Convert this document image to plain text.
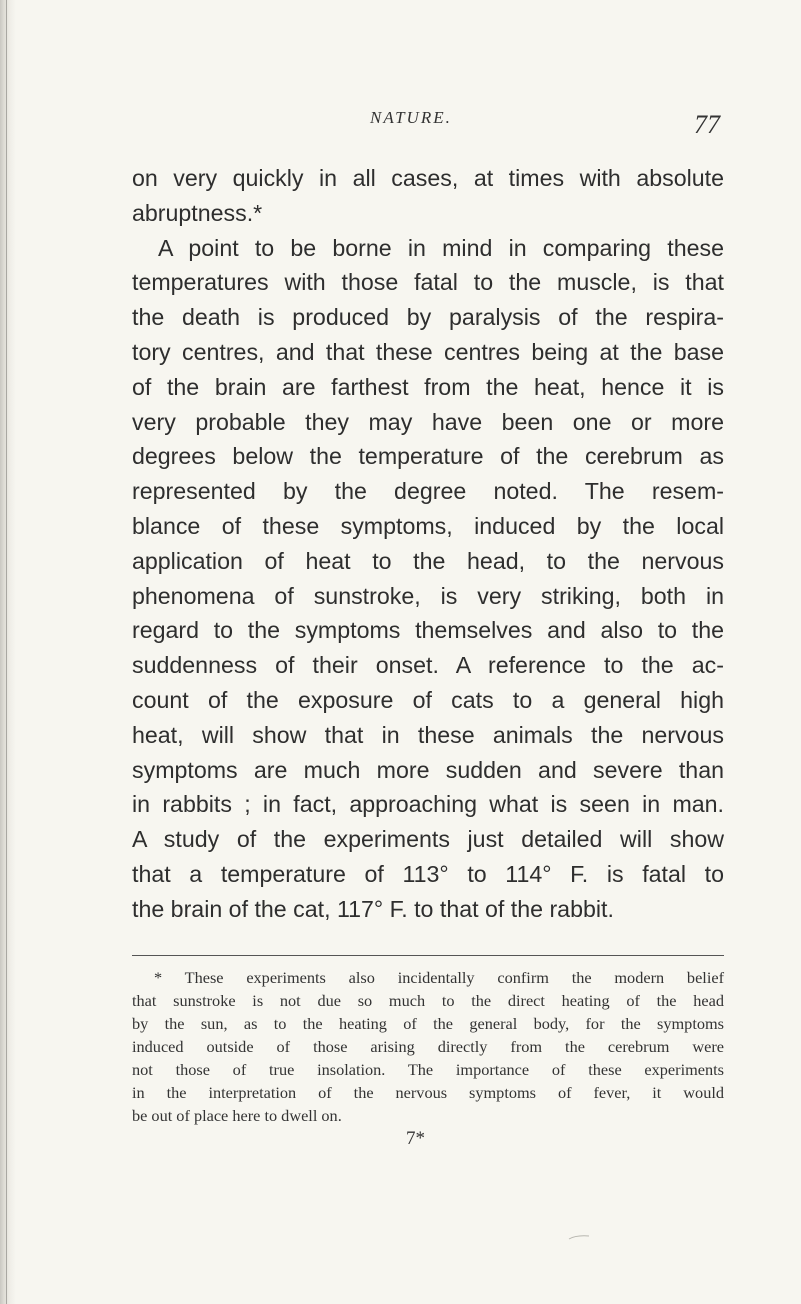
NATURE.	77
on very quickly in all cases, at times with absolute
abruptness.*
A point to be borne in mind in comparing these
temperatures with those fatal to the muscle, is that
the death is produced by paralysis of the respira-
tory centres, and that these centres being at the base
of the brain are farthest from the heat, hence it is
very probable they may have been one or more
degrees below the temperature of the cerebrum as
represented by the degree noted. The resem-
blance of these symptoms, induced by the local
application of heat to the head, to the nervous
phenomena of sunstroke, is very striking, both in
regard to the symptoms themselves and also to the
suddenness of their onset. A reference to the ac-
count of the exposure of cats to a general high
heat, will show that in these animals the nervous
symptoms are much more sudden and severe than
in rabbits ; in fact, approaching what is seen in man.
A study of the experiments just detailed will show
that a temperature of 113° to 114° F. is fatal to
the brain of the cat, 117° F. to that of the rabbit.
* These experiments also incidentally confirm the modern belief
that sunstroke is not due so much to the direct heating of the head
by the sun, as to the heating of the general body, for the symptoms
induced outside of those arising directly from the cerebrum were
not those of true insolation. The importance of these experiments
in the interpretation of the nervous symptoms of fever, it would
be out of place here to dwell on.
7*
